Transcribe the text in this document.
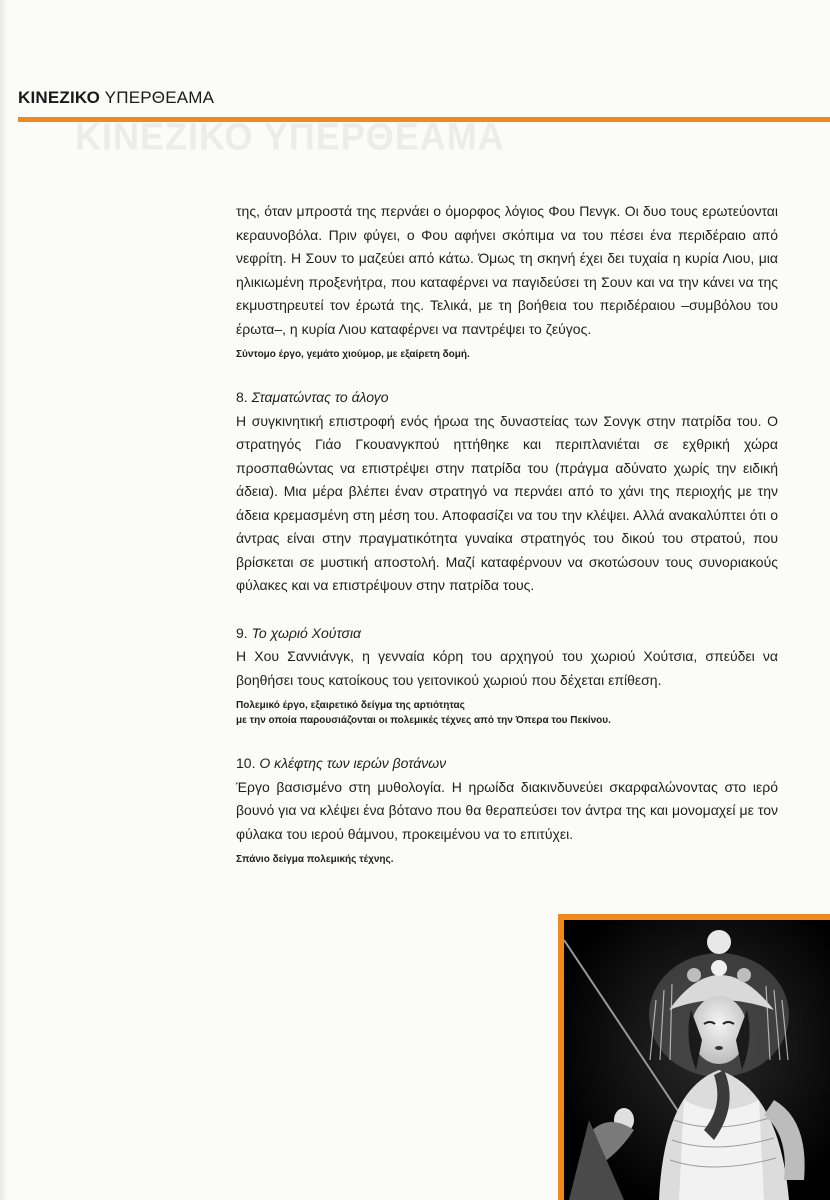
ΚΙΝΕΖΙΚΟ ΥΠΕΡΘΕΑΜΑ
ΚΙΝΕΖΙΚΟ ΥΠΕΡΘΕΑΜΑ

της, όταν μπροστά της περνάει ο όμορφος λόγιος Φου Πενγκ. Οι δυο τους ερωτεύονται κεραυνοβόλα. Πριν φύγει, ο Φου αφήνει σκόπιμα να του πέσει ένα περιδέραιο από νεφρίτη. Η Σουν το μαζεύει από κάτω. Όμως τη σκηνή έχει δει τυχαία η κυρία Λιου, μια ηλικιωμένη προξενήτρα, που καταφέρνει να παγιδεύσει τη Σουν και να την κάνει να της εκμυστηρευτεί τον έρωτά της. Τελικά, με τη βοήθεια του περιδέραιου –συμβόλου του έρωτα–, η κυρία Λιου καταφέρνει να παντρέψει το ζεύγος.

Σύντομο έργο, γεμάτο χιούμορ, με εξαίρετη δομή.

8. Σταματώντας το άλογο

Η συγκινητική επιστροφή ενός ήρωα της δυναστείας των Σονγκ στην πατρίδα του. Ο στρατηγός Γιάο Γκουανγκπού ηττήθηκε και περιπλανιέται σε εχθρική χώρα προσπαθώντας να επιστρέψει στην πατρίδα του (πράγμα αδύνατο χωρίς την ειδική άδεια). Μια μέρα βλέπει έναν στρατηγό να περνάει από το χάνι της περιοχής με την άδεια κρεμασμένη στη μέση του. Αποφασίζει να του την κλέψει. Αλλά ανακαλύπτει ότι ο άντρας είναι στην πραγματικότητα γυναίκα στρατηγός του δικού του στρατού, που βρίσκεται σε μυστική αποστολή. Μαζί καταφέρνουν να σκοτώσουν τους συνοριακούς φύλακες και να επιστρέψουν στην πατρίδα τους.

9. Το χωριό Χούτσια

Η Χου Σαννιάνγκ, η γενναία κόρη του αρχηγού του χωριού Χούτσια, σπεύδει να βοηθήσει τους κατοίκους του γειτονικού χωριού που δέχεται επίθεση.

Πολεμικό έργο, εξαιρετικό δείγμα της αρτιότητας
με την οποία παρουσιάζονται οι πολεμικές τέχνες από την Όπερα του Πεκίνου.

10. Ο κλέφτης των ιερών βοτάνων

Έργο βασισμένο στη μυθολογία. Η ηρωίδα διακινδυνεύει σκαρφαλώνοντας στο ιερό βουνό για να κλέψει ένα βότανο που θα θεραπεύσει τον άντρα της και μονομαχεί με τον φύλακα του ιερού θάμνου, προκειμένου να το επιτύχει.

Σπάνιο δείγμα πολεμικής τέχνης.
